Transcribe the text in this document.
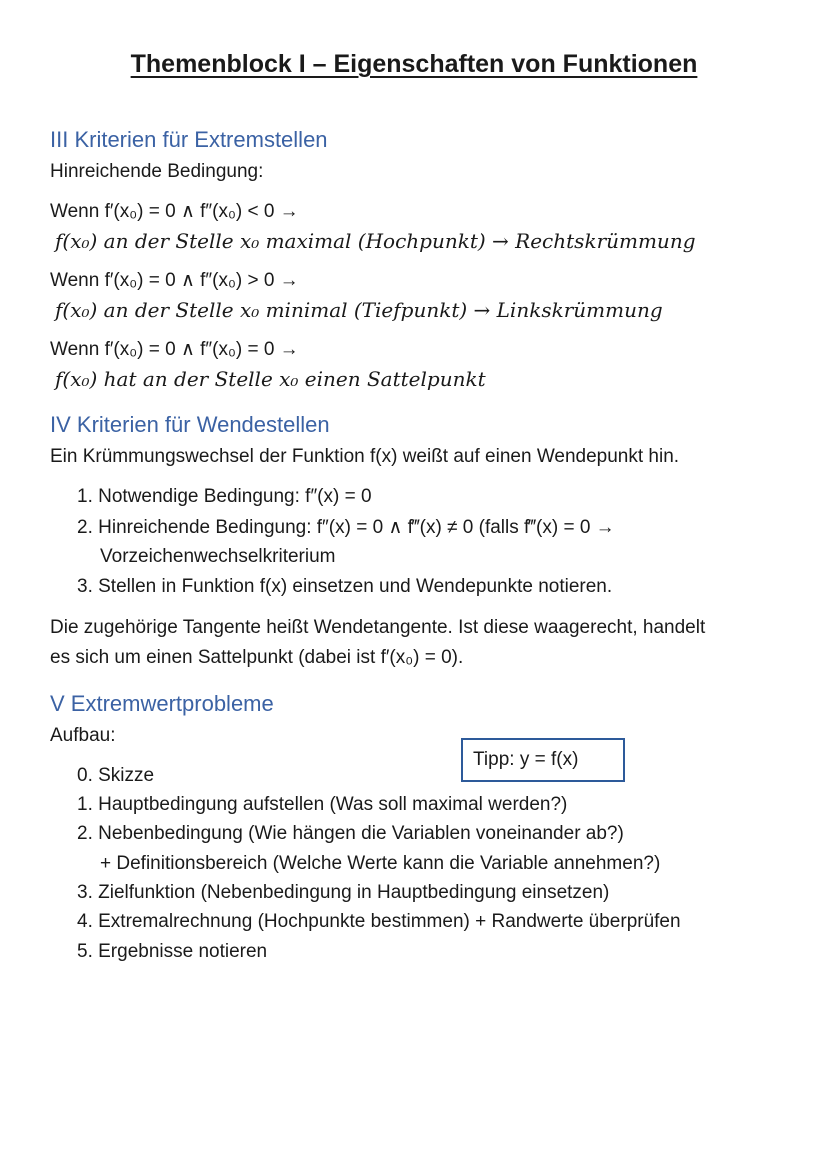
Themenblock I – Eigenschaften von Funktionen
III Kriterien für Extremstellen
Hinreichende Bedingung:
Wenn f′(x₀) = 0 ∧ f″(x₀) < 0 →
f(x₀) an der Stelle x₀ maximal (Hochpunkt) → Rechtskrümmung
Wenn f′(x₀) = 0 ∧ f″(x₀) > 0 →
f(x₀) an der Stelle x₀ minimal (Tiefpunkt) → Linkskrümmung
Wenn f′(x₀) = 0 ∧ f″(x₀) = 0 →
f(x₀) hat an der Stelle x₀ einen Sattelpunkt
IV Kriterien für Wendestellen
Ein Krümmungswechsel der Funktion f(x) weißt auf einen Wendepunkt hin.
1. Notwendige Bedingung: f″(x) = 0
2. Hinreichende Bedingung: f″(x) = 0 ∧ f‴(x) ≠ 0 (falls f‴(x) = 0 →
Vorzeichenwechselkriterium
3. Stellen in Funktion f(x) einsetzen und Wendepunkte notieren.
Die zugehörige Tangente heißt Wendetangente. Ist diese waagerecht, handelt
es sich um einen Sattelpunkt (dabei ist f′(x₀) = 0).
V Extremwertprobleme
Aufbau:
Tipp: y = f(x)
0. Skizze
1. Hauptbedingung aufstellen (Was soll maximal werden?)
2. Nebenbedingung (Wie hängen die Variablen voneinander ab?)
+ Definitionsbereich (Welche Werte kann die Variable annehmen?)
3. Zielfunktion (Nebenbedingung in Hauptbedingung einsetzen)
4. Extremalrechnung (Hochpunkte bestimmen) + Randwerte überprüfen
5. Ergebnisse notieren
